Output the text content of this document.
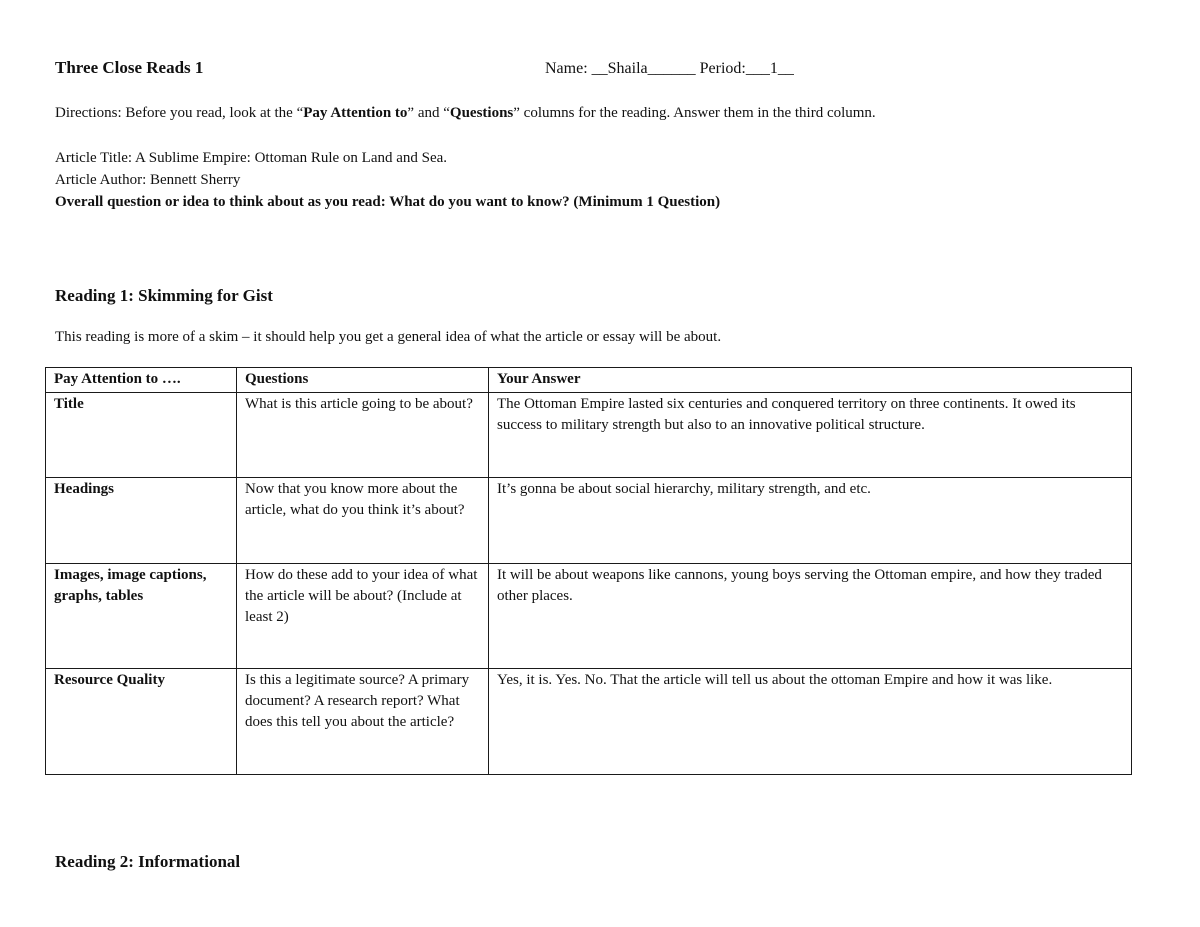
Three Close Reads 1	Name: __Shaila______ Period:___1__
Directions: Before you read, look at the “Pay Attention to” and “Questions” columns for the reading. Answer them in the third column.
Article Title: A Sublime Empire: Ottoman Rule on Land and Sea.
Article Author: Bennett Sherry
Overall question or idea to think about as you read: What do you want to know? (Minimum 1 Question)
Reading 1: Skimming for Gist
This reading is more of a skim – it should help you get a general idea of what the article or essay will be about.
Pay Attention to ….	Questions	Your Answer
Title	What is this article going to be about?	The Ottoman Empire lasted six centuries and conquered territory on three continents. It owed its success to military strength but also to an innovative political structure.
Headings	Now that you know more about the article, what do you think it’s about?	It’s gonna be about social hierarchy, military strength, and etc.
Images, image captions, graphs, tables	How do these add to your idea of what the article will be about? (Include at least 2)	It will be about weapons like cannons, young boys serving the Ottoman empire, and how they traded other places.
Resource Quality	Is this a legitimate source? A primary document? A research report? What does this tell you about the article?	Yes, it is. Yes. No. That the article will tell us about the ottoman Empire and how it was like.
Reading 2: Informational
